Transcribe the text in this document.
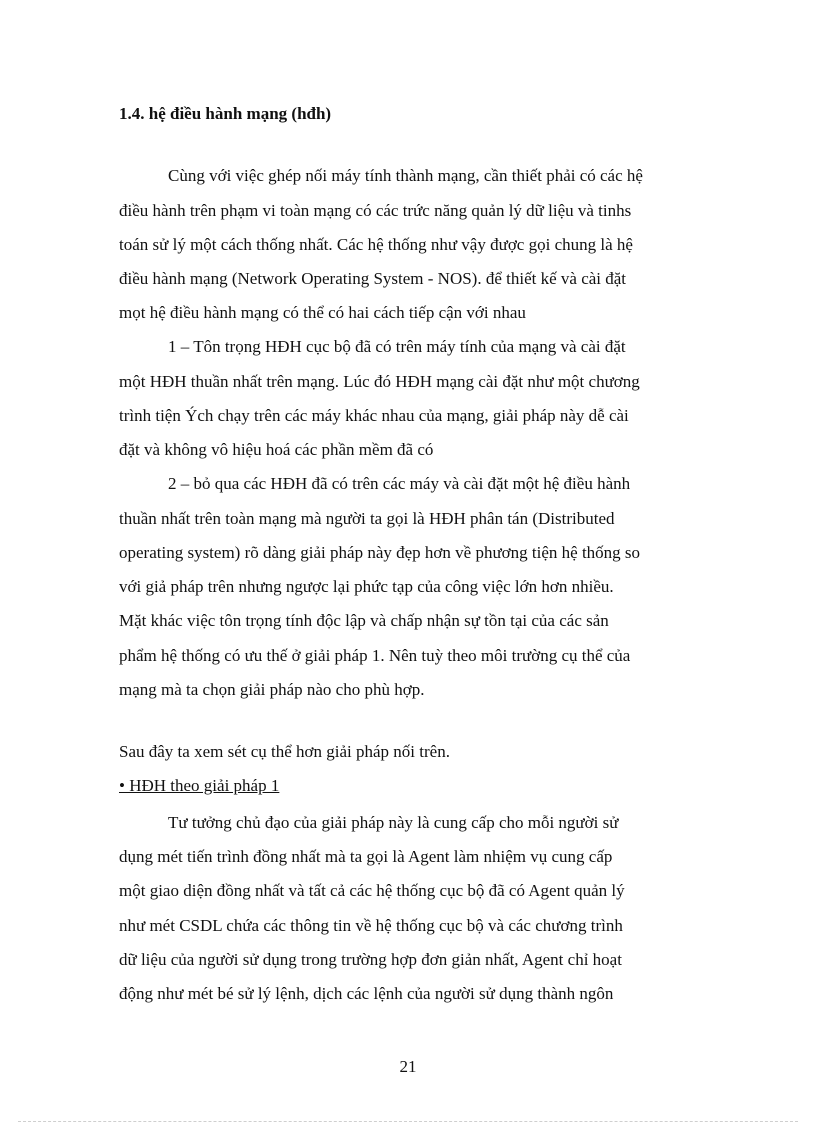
1.4. hệ điều hành mạng (hđh)
Cùng với việc ghép nối máy tính thành mạng, cần thiết phải có các hệ
điều hành trên phạm vi toàn mạng có các trức năng quản lý dữ liệu và tinhs
toán sử lý một cách thống nhất. Các hệ thống như vậy được gọi chung là hệ
điều hành mạng (Network Operating System - NOS). để thiết kế và cài đặt
mọt hệ điều hành mạng có thể có hai cách tiếp cận với nhau
1 – Tôn trọng HĐH cục bộ đã có trên máy tính của mạng và cài đặt
một HĐH thuần nhất trên mạng. Lúc đó HĐH mạng cài đặt như một chương
trình tiện Ých chạy trên các máy khác nhau của mạng, giải pháp này dễ cài
đặt và không vô hiệu hoá các phần mềm đã có
2 – bỏ qua các HĐH đã có trên các máy và cài đặt một hệ điều hành
thuần nhất trên toàn mạng mà người ta gọi là HĐH phân tán (Distributed
operating system) rõ dàng giải pháp này đẹp hơn về phương tiện hệ thống so
với giả pháp trên nhưng ngược lại phức tạp của công việc lớn hơn nhiều.
Mặt khác việc tôn trọng tính độc lập và chấp nhận sự tồn tại của các sản
phẩm hệ thống có ưu thế ở giải pháp 1. Nên tuỳ theo môi trường cụ thể của
mạng mà ta chọn giải pháp nào cho phù hợp.
Sau đây ta xem sét cụ thể hơn giải pháp nối trên.
• HĐH theo giải pháp 1
Tư tưởng chủ đạo của giải pháp này là cung cấp cho mỗi người sử
dụng mét tiến trình đồng nhất mà ta gọi là Agent làm nhiệm vụ cung cấp
một giao diện đồng nhất và tất cả các hệ thống cục bộ đã có Agent quản lý
như mét CSDL chứa các thông tin về hệ thống cục bộ và các chương trình
dữ liệu của người sử dụng trong trường hợp đơn giản nhất, Agent chỉ hoạt
động như mét bé sử lý lệnh, dịch các lệnh của người sử dụng thành ngôn
21
